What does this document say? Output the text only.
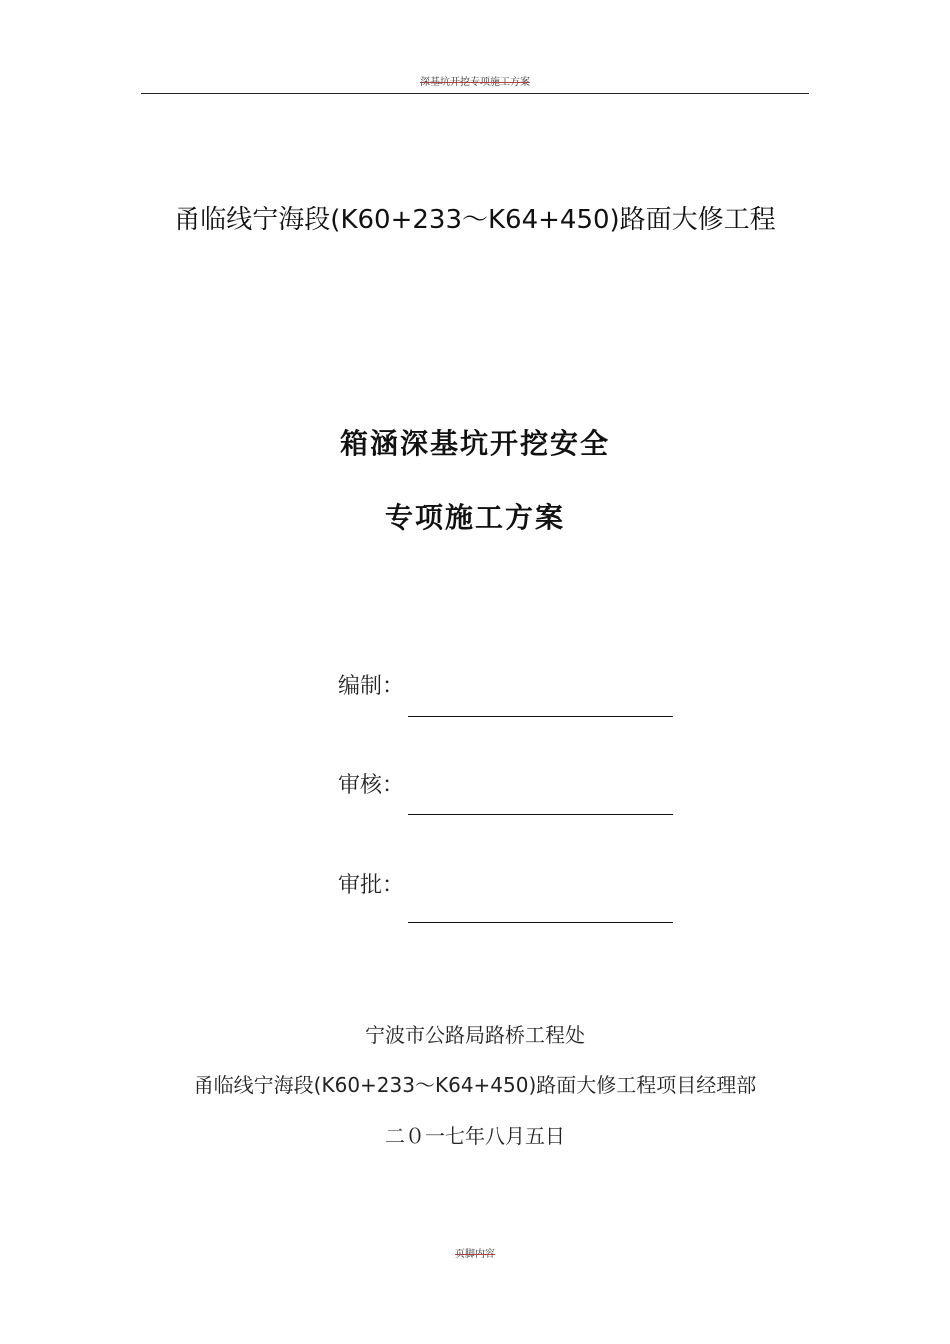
深基坑开挖专项施工方案
甬临线宁海段(K60+233～K64+450)路面大修工程
箱涵深基坑开挖安全
专项施工方案
编制：
审核：
审批：
宁波市公路局路桥工程处
甬临线宁海段(K60+233～K64+450)路面大修工程项目经理部
二０一七年八月五日
页脚内容
